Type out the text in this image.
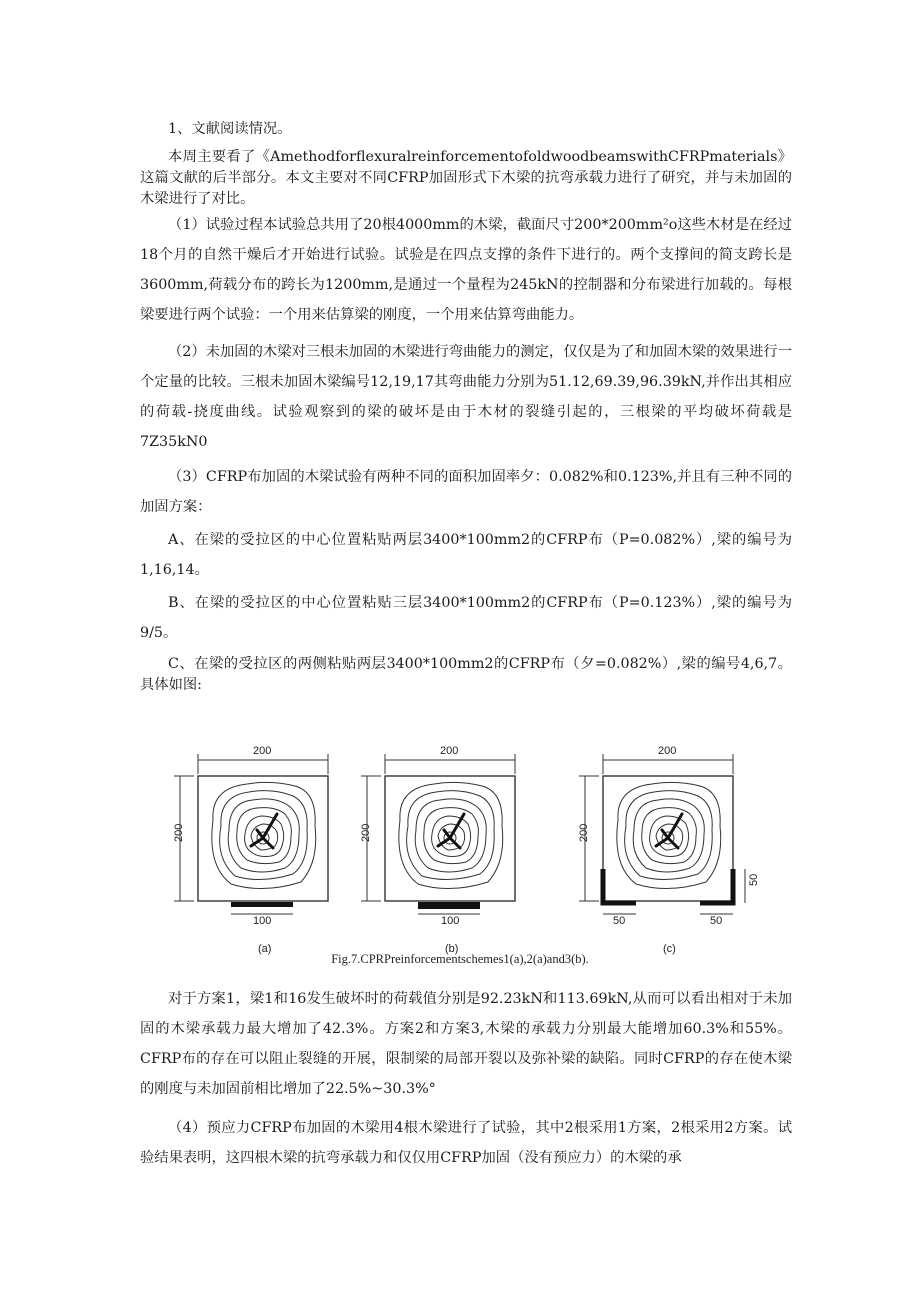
1、文献阅读情况。

本周主要看了《AmethodforflexuralreinforcementofoldwoodbeamswithCFRPmaterials》这篇文献的后半部分。本文主要对不同CFRP加固形式下木梁的抗弯承载力进行了研究，并与未加固的木梁进行了对比。

（1）试验过程本试验总共用了20根4000mm的木梁，截面尺寸200*200mm²o这些木材是在经过18个月的自然干燥后才开始进行试验。试验是在四点支撑的条件下进行的。两个支撑间的简支跨长是3600mm,荷载分布的跨长为1200mm,是通过一个量程为245kN的控制器和分布梁进行加载的。每根梁要进行两个试验：一个用来估算梁的刚度，一个用来估算弯曲能力。

（2）未加固的木梁对三根未加固的木梁进行弯曲能力的测定，仅仅是为了和加固木梁的效果进行一个定量的比较。三根未加固木梁编号12,19,17其弯曲能力分别为51.12,69.39,96.39kN,并作出其相应的荷载-挠度曲线。试验观察到的梁的破坏是由于木材的裂缝引起的，三根梁的平均破坏荷载是7Z35kN0

（3）CFRP布加固的木梁试验有两种不同的面积加固率夕：0.082%和0.123%,并且有三种不同的加固方案：

A、在梁的受拉区的中心位置粘贴两层3400*100mm2的CFRP布（P=0.082%）,梁的编号为1,16,14。

B、在梁的受拉区的中心位置粘贴三层3400*100mm2的CFRP布（P=0.123%）,梁的编号为9/5。

C、在梁的受拉区的两侧粘贴两层3400*100mm2的CFRP布（夕=0.082%）,梁的编号4,6,7。具体如图:

200
200
100
(a)
200
200
100
(b)
200
200
50
50	50
(c)
Fig.7.CPRPreinforcementschemes1(a),2(a)and3(b).

对于方案1，梁1和16发生破坏时的荷载值分别是92.23kN和113.69kN,从而可以看出相对于未加固的木梁承载力最大增加了42.3%。方案2和方案3,木梁的承载力分别最大能增加60.3%和55%。CFRP布的存在可以阻止裂缝的开展，限制梁的局部开裂以及弥补梁的缺陷。同时CFRP的存在使木梁的刚度与未加固前相比增加了22.5%~30.3%°

（4）预应力CFRP布加固的木梁用4根木梁进行了试验，其中2根采用1方案，2根采用2方案。试验结果表明，这四根木梁的抗弯承载力和仅仅用CFRP加固（没有预应力）的木梁的承
